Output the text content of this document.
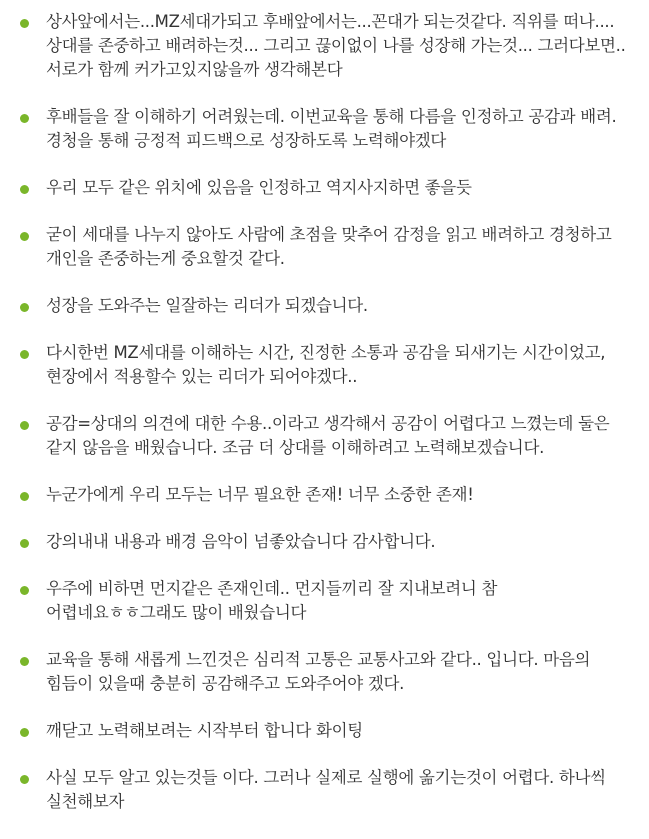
상사앞에서는...MZ세대가되고 후배앞에서는...꼰대가 되는것같다. 직위를 떠나.... 상대를 존중하고 배려하는것... 그리고 끊이없이 나를 성장해 가는것... 그러다보면..서로가 함께 커가고있지않을까 생각해본다
후배들을 잘 이해하기 어려웠는데. 이번교육을 통해 다름을 인정하고 공감과 배려. 경청을 통해 긍정적 피드백으로 성장하도록 노력해야겠다
우리 모두 같은 위치에 있음을 인정하고 역지사지하면 좋을듯
굳이 세대를 나누지 않아도 사람에 초점을 맞추어 감정을 읽고 배려하고 경청하고 개인을 존중하는게 중요할것 같다.
성장을 도와주는 일잘하는 리더가 되겠습니다.
다시한번 MZ세대를 이해하는 시간, 진정한 소통과 공감을 되새기는 시간이었고, 현장에서 적용할수 있는 리더가 되어야겠다..
공감=상대의 의견에 대한 수용..이라고 생각해서 공감이 어렵다고 느꼈는데 둘은 같지 않음을 배웠습니다. 조금 더 상대를 이해하려고 노력해보겠습니다.
누군가에게 우리 모두는 너무 필요한 존재! 너무 소중한 존재!
강의내내 내용과 배경 음악이 넘좋았습니다 감사합니다.
우주에 비하면 먼지같은 존재인데.. 먼지들끼리 잘 지내보려니 참 어렵네요ㅎㅎ그래도 많이 배웠습니다
교육을 통해 새롭게 느낀것은 심리적 고통은 교통사고와 같다.. 입니다. 마음의 힘듬이 있을때 충분히 공감해주고 도와주어야 겠다.
깨닫고 노력해보려는 시작부터 합니다 화이팅
사실 모두 알고 있는것들 이다. 그러나 실제로 실행에 옮기는것이 어렵다. 하나씩 실천해보자
